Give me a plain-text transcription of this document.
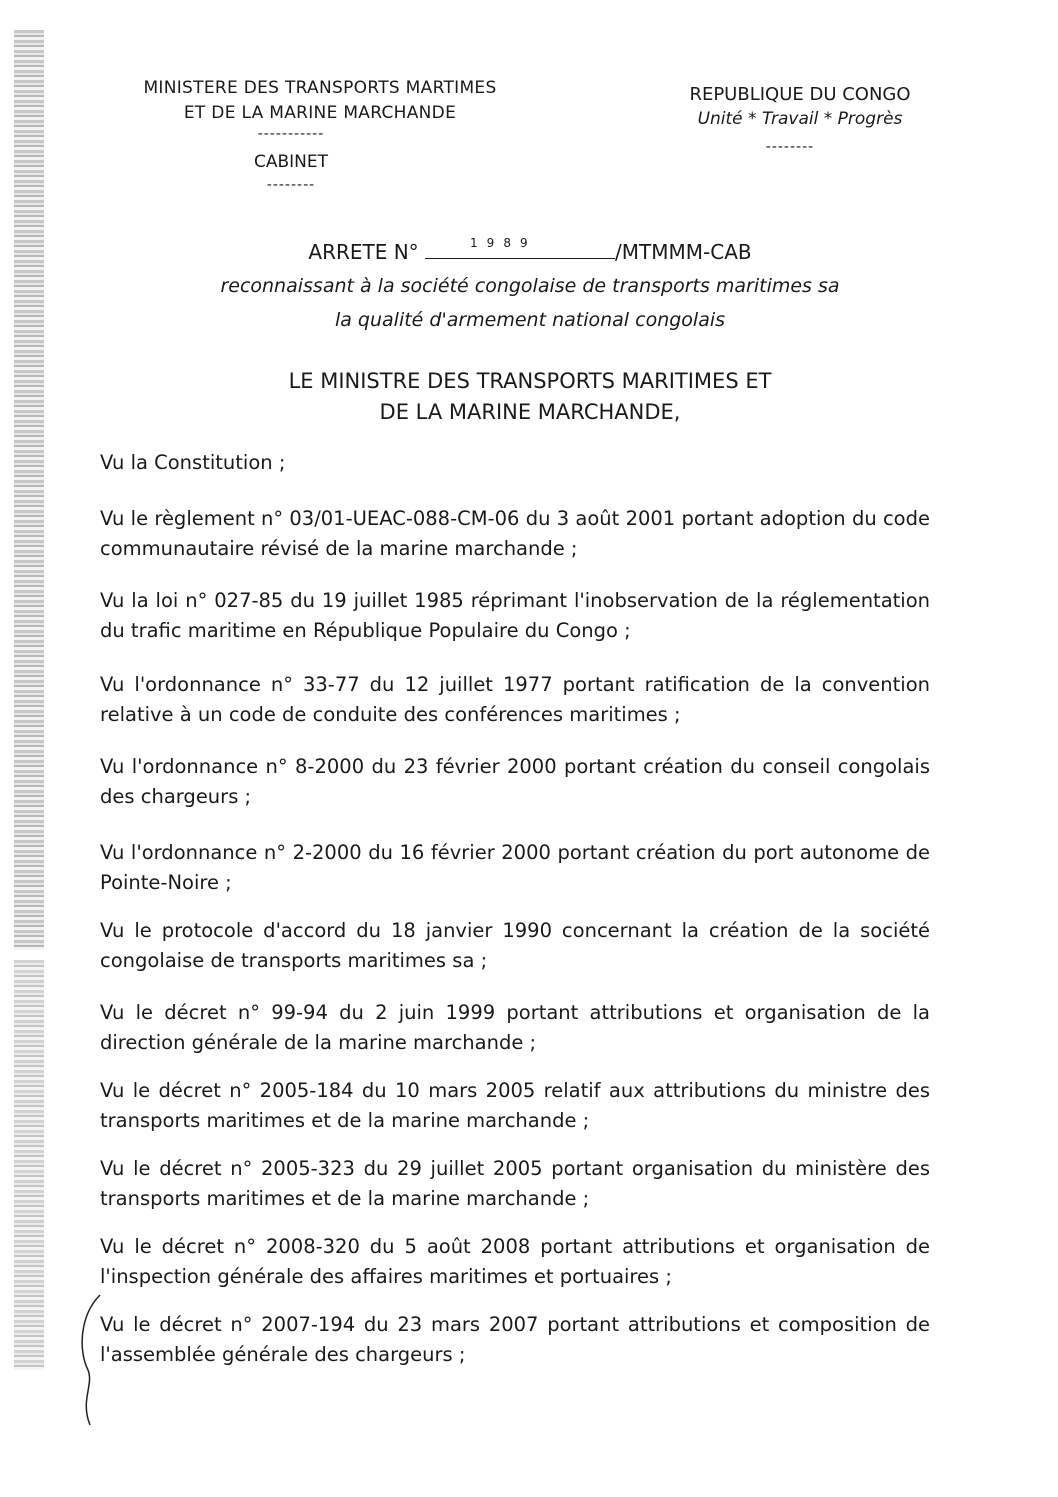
MINISTERE DES TRANSPORTS MARTIMES
ET DE LA MARINE MARCHANDE
-----------
CABINET
--------
REPUBLIQUE DU CONGO
Unité * Travail * Progrès
--------
ARRETE N°	1989	/MTMMM-CAB
reconnaissant à la société congolaise de transports maritimes sa
la qualité d'armement national congolais
LE MINISTRE DES TRANSPORTS MARITIMES ET
DE LA MARINE MARCHANDE,
Vu la Constitution ;
Vu le règlement n° 03/01-UEAC-088-CM-06 du 3 août 2001 portant adoption du code communautaire révisé de la marine marchande ;
Vu la loi n° 027-85 du 19 juillet 1985 réprimant l'inobservation de la réglementation du trafic maritime en République Populaire du Congo ;
Vu l'ordonnance n° 33-77 du 12 juillet 1977 portant ratification de la convention relative à un code de conduite des conférences maritimes ;
Vu l'ordonnance n° 8-2000 du 23 février 2000 portant création du conseil congolais des chargeurs ;
Vu l'ordonnance n° 2-2000 du 16 février 2000 portant création du port autonome de Pointe-Noire ;
Vu le protocole d'accord du 18 janvier 1990 concernant la création de la société congolaise de transports maritimes sa ;
Vu le décret n° 99-94 du 2 juin 1999 portant attributions et organisation de la direction générale de la marine marchande ;
Vu le décret n° 2005-184 du 10 mars 2005 relatif aux attributions du ministre des transports maritimes et de la marine marchande ;
Vu le décret n° 2005-323 du 29 juillet 2005 portant organisation du ministère des transports maritimes et de la marine marchande ;
Vu le décret n° 2008-320 du 5 août 2008 portant attributions et organisation de l'inspection générale des affaires maritimes et portuaires ;
Vu le décret n° 2007-194 du 23 mars 2007 portant attributions et composition de l'assemblée générale des chargeurs ;
